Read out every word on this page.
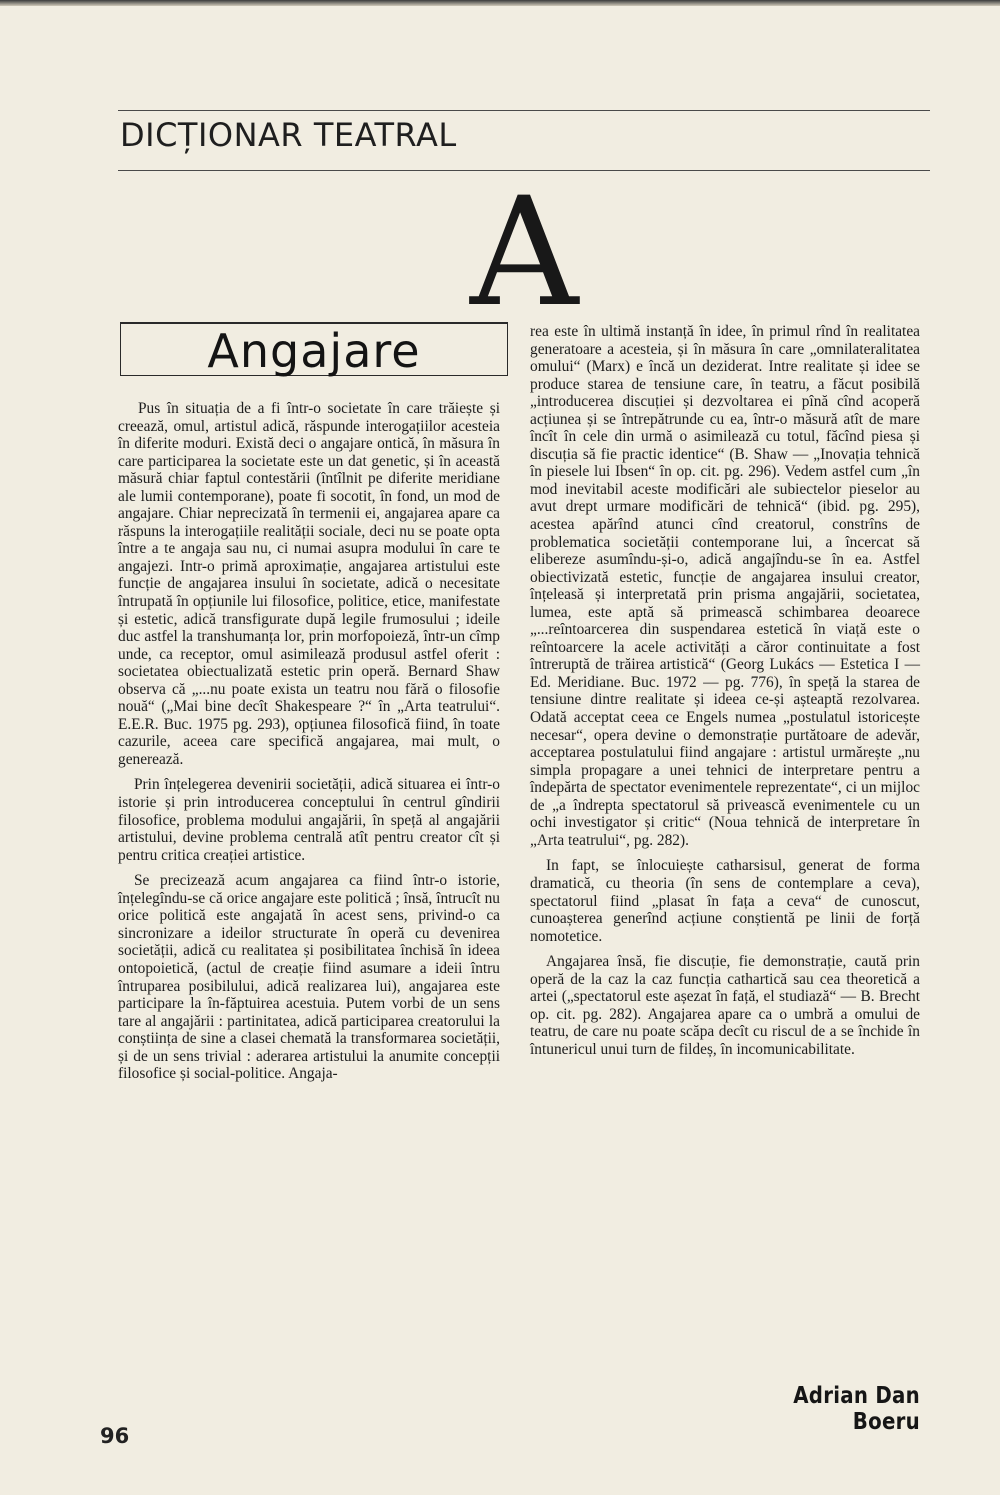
DICȚIONAR TEATRAL
A
Angajare

Pus în situația de a fi într-o societate în care trăiește și creează, omul, artistul adică, răspunde interogațiilor acesteia în diferite moduri. Există deci o angajare ontică, în măsura în care participarea la societate este un dat genetic, și în această măsură chiar faptul contestării (întîlnit pe diferite meridiane ale lumii contemporane), poate fi socotit, în fond, un mod de angajare. Chiar neprecizată în termenii ei, angajarea apare ca răspuns la interogațiile realității sociale, deci nu se poate opta între a te angaja sau nu, ci numai asupra modului în care te angajezi. Intr-o primă aproximație, angajarea artistului este funcție de angajarea insului în societate, adică o necesitate întrupată în opțiunile lui filosofice, politice, etice, manifestate și estetic, adică transfigurate după legile frumosului ; ideile duc astfel la transhumanța lor, prin morfopoieză, într-un cîmp unde, ca receptor, omul asimilează produsul astfel oferit : societatea obiectualizată estetic prin operă. Bernard Shaw observa că „...nu poate exista un teatru nou fără o filosofie nouă“ („Mai bine decît Shakespeare ?“ în „Arta teatrului“. E.E.R. Buc. 1975 pg. 293), opțiunea filosofică fiind, în toate cazurile, aceea care specifică angajarea, mai mult, o generează.

Prin înțelegerea devenirii societății, adică situarea ei într-o istorie și prin introducerea conceptului în centrul gîndirii filosofice, problema modului angajării, în speță al angajării artistului, devine problema centrală atît pentru creator cît și pentru critica creației artistice.

Se precizează acum angajarea ca fiind într-o istorie, înțelegîndu-se că orice angajare este politică ; însă, întrucît nu orice politică este angajată în acest sens, privind-o ca sincronizare a ideilor structurate în operă cu devenirea societății, adică cu realitatea și posibilitatea închisă în ideea ontopoietică, (actul de creație fiind asumare a ideii întru întruparea posibilului, adică realizarea lui), angajarea este participare la în-făptuirea acestuia. Putem vorbi de un sens tare al angajării : partinitatea, adică participarea creatorului la conștiința de sine a clasei chemată la transformarea societății, și de un sens trivial : aderarea artistului la anumite concepții filosofice și social-politice. Angaja-

rea este în ultimă instanță în idee, în primul rînd în realitatea generatoare a acesteia, și în măsura în care „omnilateralitatea omului“ (Marx) e încă un deziderat. Intre realitate și idee se produce starea de tensiune care, în teatru, a făcut posibilă „introducerea discuției și dezvoltarea ei pînă cînd acoperă acțiunea și se întrepătrunde cu ea, într-o măsură atît de mare încît în cele din urmă o asimilează cu totul, făcînd piesa și discuția să fie practic identice“ (B. Shaw — „Inovația tehnică în piesele lui Ibsen“ în op. cit. pg. 296). Vedem astfel cum „în mod inevitabil aceste modificări ale subiectelor pieselor au avut drept urmare modificări de tehnică“ (ibid. pg. 295), acestea apărînd atunci cînd creatorul, constrîns de problematica societății contemporane lui, a încercat să elibereze asumîndu-și-o, adică angajîndu-se în ea. Astfel obiectivizată estetic, funcție de angajarea insului creator, înțeleasă și interpretată prin prisma angajării, societatea, lumea, este aptă să primească schimbarea deoarece „...reîntoarcerea din suspendarea estetică în viață este o reîntoarcere la acele activități a căror continuitate a fost întreruptă de trăirea artistică“ (Georg Lukács — Estetica I — Ed. Meridiane. Buc. 1972 — pg. 776), în speță la starea de tensiune dintre realitate și ideea ce-și așteaptă rezolvarea. Odată acceptat ceea ce Engels numea „postulatul istoricește necesar“, opera devine o demonstrație purtătoare de adevăr, acceptarea postulatului fiind angajare : artistul urmărește „nu simpla propagare a unei tehnici de interpretare pentru a îndepărta de spectator evenimentele reprezentate“, ci un mijloc de „a îndrepta spectatorul să privească evenimentele cu un ochi investigator și critic“ (Noua tehnică de interpretare în „Arta teatrului“, pg. 282).

In fapt, se înlocuiește catharsisul, generat de forma dramatică, cu theoria (în sens de contemplare a ceva), spectatorul fiind „plasat în fața a ceva“ de cunoscut, cunoașterea generînd acțiune conștientă pe linii de forță nomotetice.

Angajarea însă, fie discuție, fie demonstrație, caută prin operă de la caz la caz funcția cathartică sau cea theoretică a artei („spectatorul este așezat în față, el studiază“ — B. Brecht op. cit. pg. 282). Angajarea apare ca o umbră a omului de teatru, de care nu poate scăpa decît cu riscul de a se închide în întunericul unui turn de fildeș, în incomunicabilitate.

Adrian Dan Boeru
96
